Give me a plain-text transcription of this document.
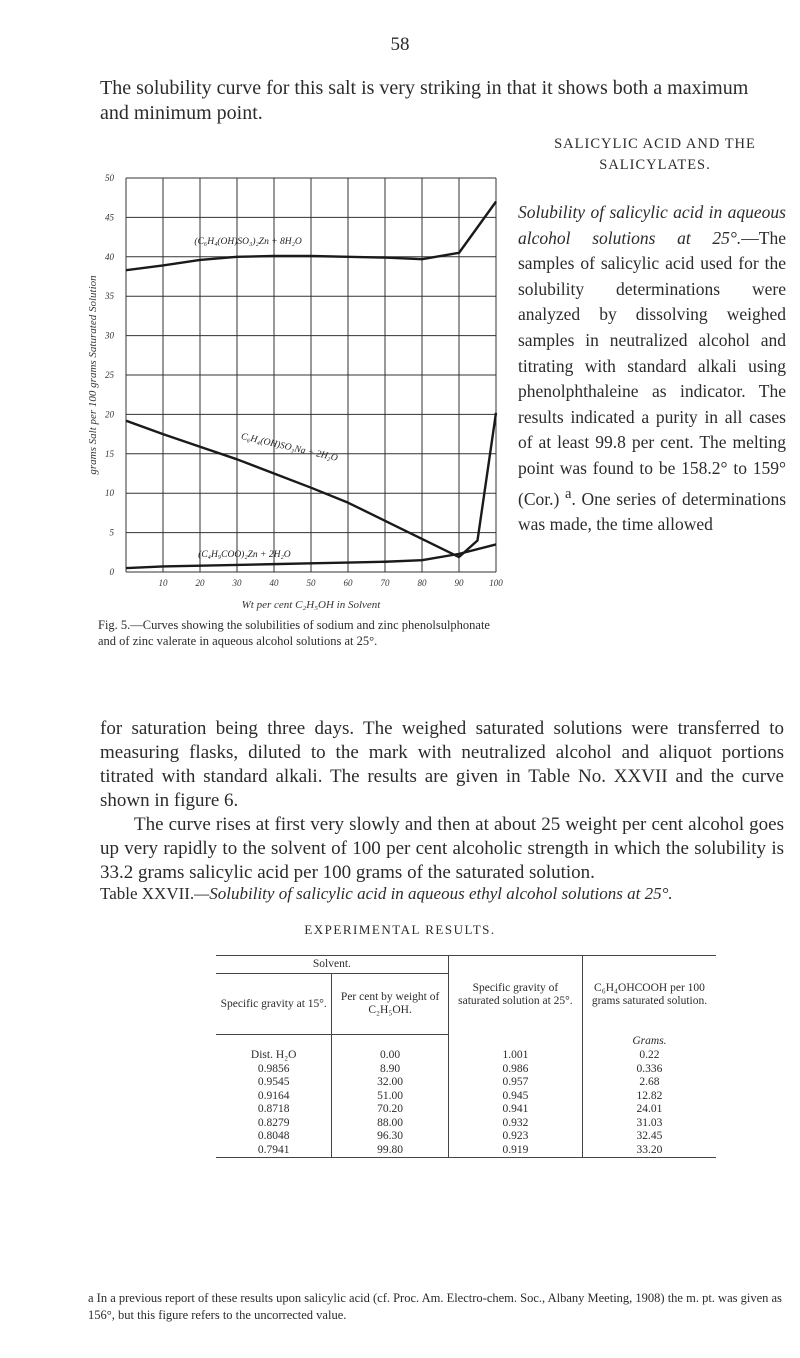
58
The solubility curve for this salt is very striking in that it shows both a maximum and minimum point.
SALICYLIC ACID AND THE
SALICYLATES.
Solubility of salicylic acid in aqueous alcohol solutions at 25°.—The samples of salicylic acid used for the solubility determinations were analyzed by dissolving weighed samples in neutralized alcohol and titrating with standard alkali using phenolphthaleine as indicator. The results indicated a purity in all cases of at least 99.8 per cent. The melting point was found to be 158.2° to 159° (Cor.) $^a$. One series of determinations was made, the time allowed
10	20	30	40	50	60	70	80	90	100
0
5
10
15
20
25
30
35
40
45
50
Wt per cent C₂H₅OH in Solvent
grams Salt per 100 grams Saturated Solution
(C₆H₄(OH)SO₃)₂Zn + 8H₂O
C₆H₄(OH)SO₃Na + 2H₂O
(C₄H₉COO)₂Zn + 2H₂O
Fig. 5.—Curves showing the solubilities of sodium and zinc phenolsulphonate and of zinc valerate in aqueous alcohol solutions at 25°.

for saturation being three days. The weighed saturated solutions were transferred to measuring flasks, diluted to the mark with neutralized alcohol and aliquot portions titrated with standard alkali. The results are given in Table No. XXVII and the curve shown in figure 6.

The curve rises at first very slowly and then at about 25 weight per cent alcohol goes up very rapidly to the solvent of 100 per cent alcoholic strength in which the solubility is 33.2 grams salicylic acid per 100 grams of the saturated solution.

Table XXVII.—Solubility of salicylic acid in aqueous ethyl alcohol solutions at 25°.
EXPERIMENTAL RESULTS.
Solvent.		Specific gravity of saturated solution at 25°.	C₆H₄OHCOOH per 100 grams saturated solution.
Specific gravity at 15°.	Per cent by weight of C₂H₅OH.		
			Grams.
Dist. H₂O	0.00	1.001	0.22
0.9856	8.90	0.986	0.336
0.9545	32.00	0.957	2.68
0.9164	51.00	0.945	12.82
0.8718	70.20	0.941	24.01
0.8279	88.00	0.932	31.03
0.8048	96.30	0.923	32.45
0.7941	99.80	0.919	33.20
a In a previous report of these results upon salicylic acid (cf. Proc. Am. Electro-chem. Soc., Albany Meeting, 1908) the m. pt. was given as 156°, but this figure refers to the uncorrected value.
